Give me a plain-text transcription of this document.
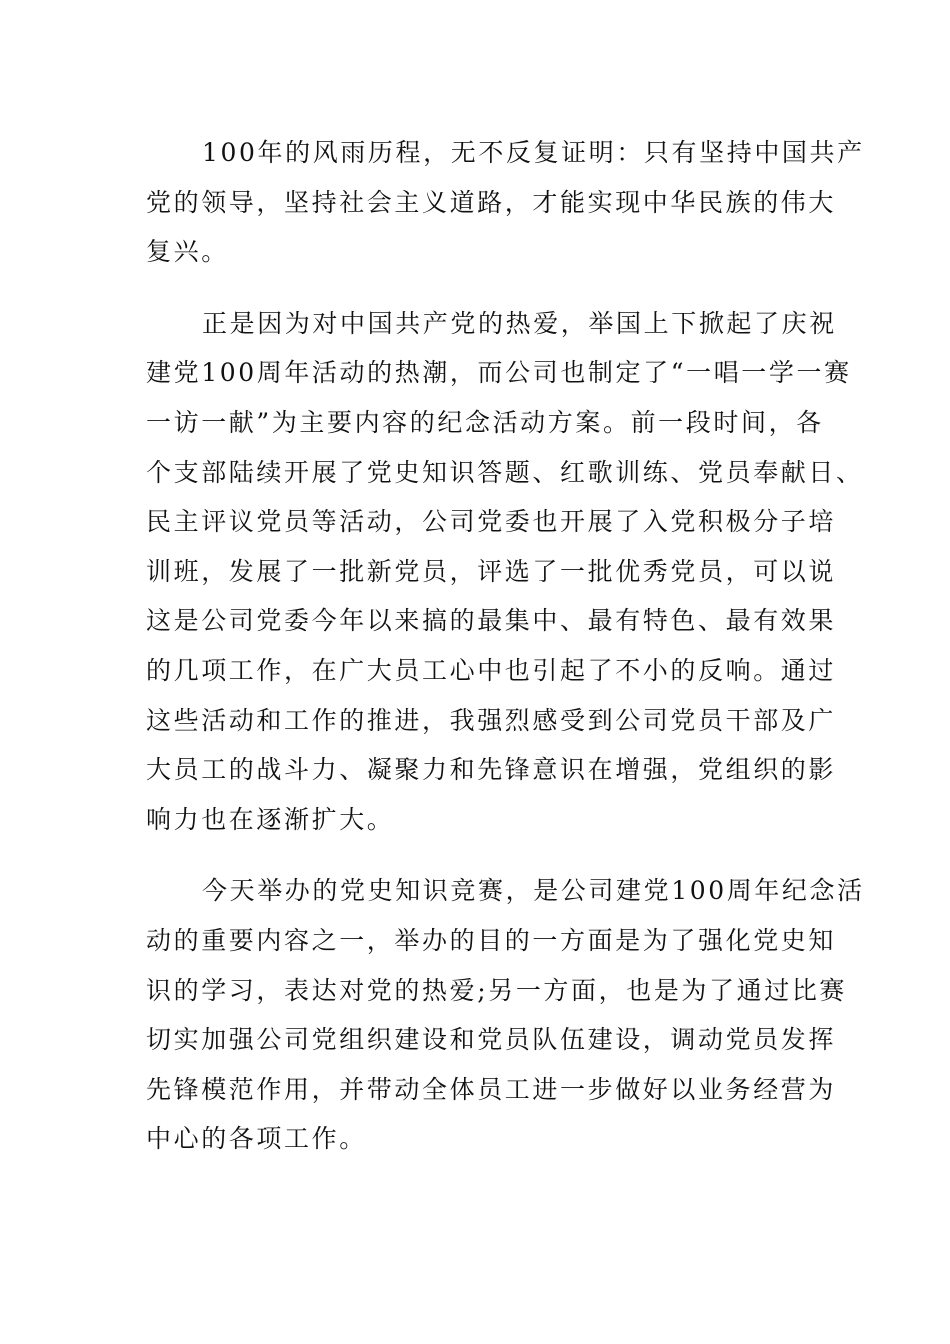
100年的风雨历程，无不反复证明：只有坚持中国共产
党的领导，坚持社会主义道路，才能实现中华民族的伟大
复兴。

正是因为对中国共产党的热爱，举国上下掀起了庆祝
建党100周年活动的热潮，而公司也制定了“一唱一学一赛
一访一献”为主要内容的纪念活动方案。前一段时间，各
个支部陆续开展了党史知识答题、红歌训练、党员奉献日、
民主评议党员等活动，公司党委也开展了入党积极分子培
训班，发展了一批新党员，评选了一批优秀党员，可以说
这是公司党委今年以来搞的最集中、最有特色、最有效果
的几项工作，在广大员工心中也引起了不小的反响。通过
这些活动和工作的推进，我强烈感受到公司党员干部及广
大员工的战斗力、凝聚力和先锋意识在增强，党组织的影
响力也在逐渐扩大。

今天举办的党史知识竞赛，是公司建党100周年纪念活
动的重要内容之一，举办的目的一方面是为了强化党史知
识的学习，表达对党的热爱;另一方面，也是为了通过比赛
切实加强公司党组织建设和党员队伍建设，调动党员发挥
先锋模范作用，并带动全体员工进一步做好以业务经营为
中心的各项工作。
